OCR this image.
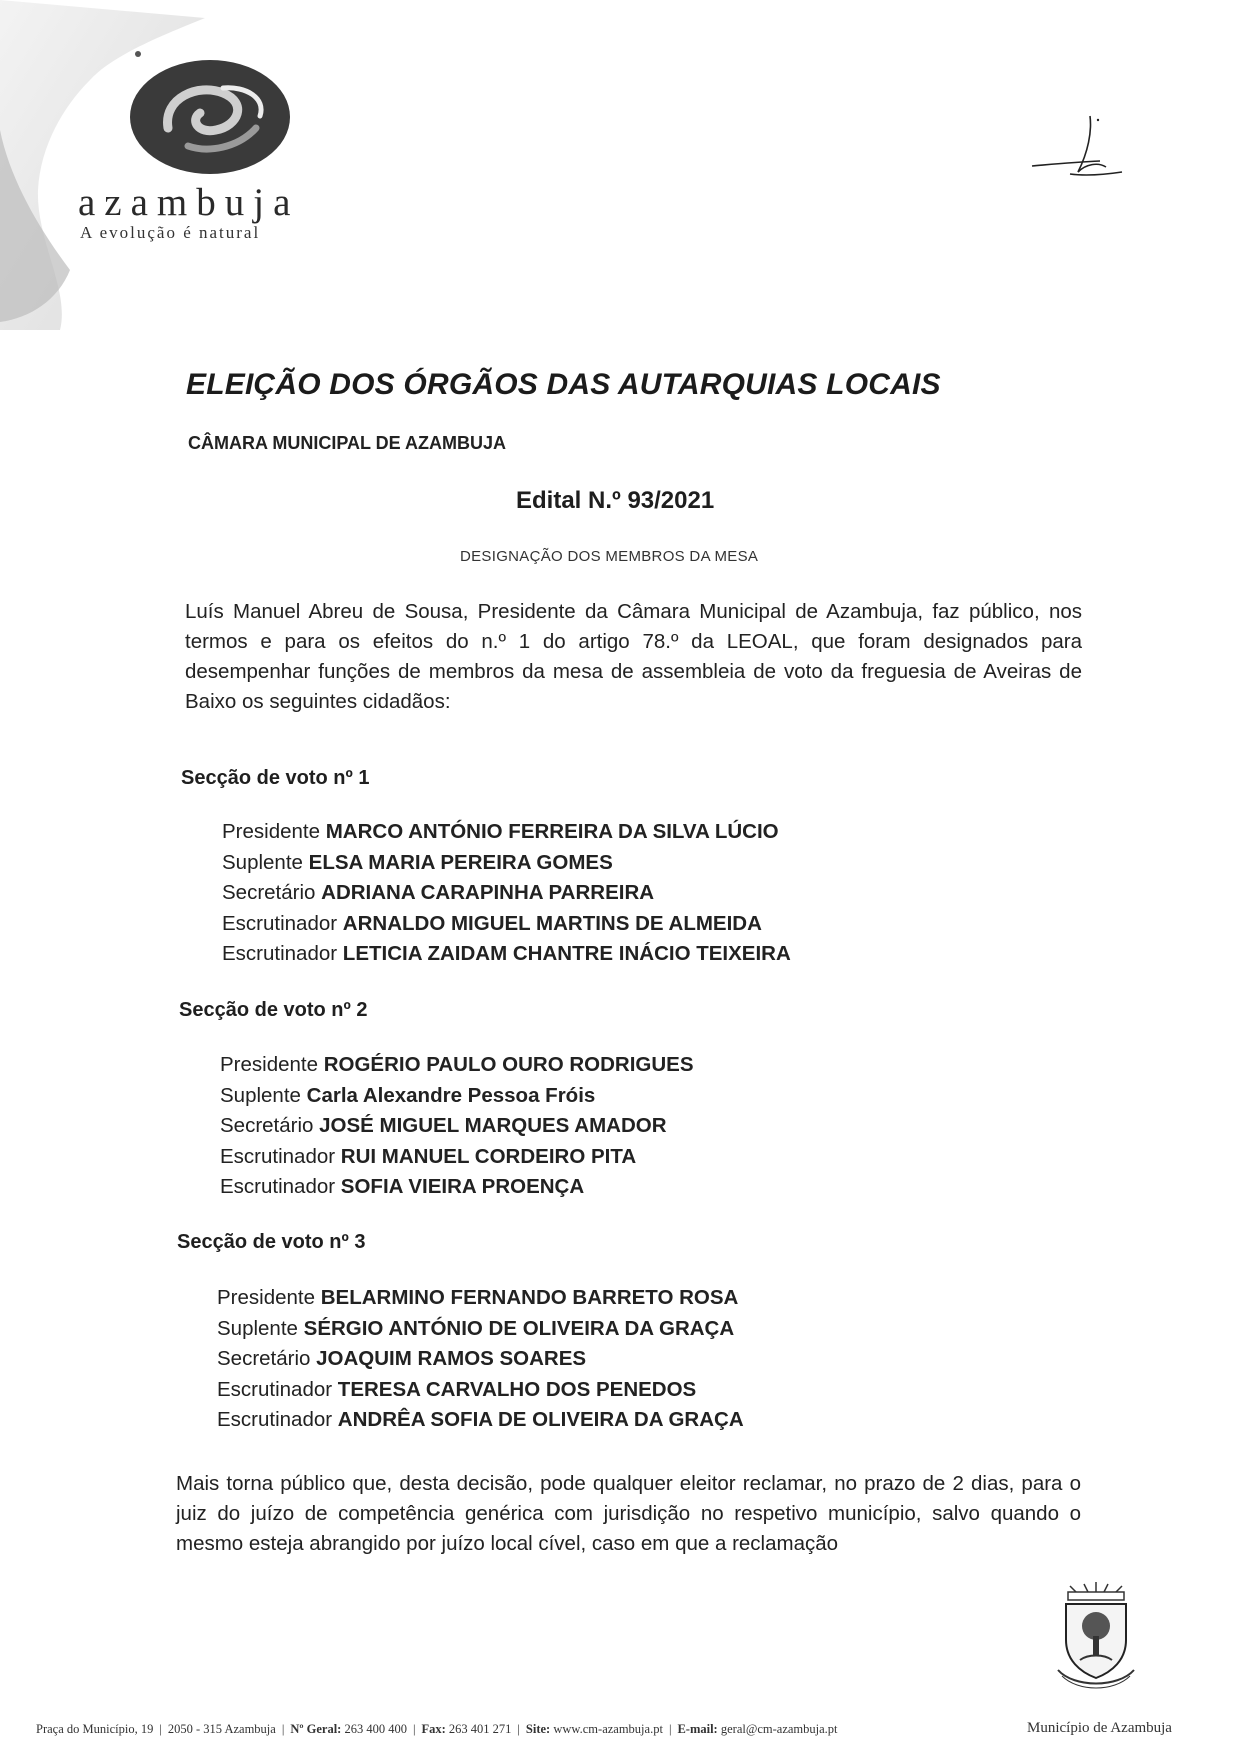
azambuja
A evolução é natural
ELEIÇÃO DOS ÓRGÃOS DAS AUTARQUIAS LOCAIS
CÂMARA MUNICIPAL DE AZAMBUJA
Edital N.º 93/2021
DESIGNAÇÃO DOS MEMBROS DA MESA
Luís Manuel Abreu de Sousa, Presidente da Câmara Municipal de Azambuja, faz público, nos termos e para os efeitos do n.º 1 do artigo 78.º da LEOAL, que foram designados para desempenhar funções de membros da mesa de assembleia de voto da freguesia de Aveiras de Baixo os seguintes cidadãos:
Secção de voto nº 1
Presidente MARCO ANTÓNIO FERREIRA DA SILVA LÚCIO
Suplente ELSA MARIA PEREIRA GOMES
Secretário ADRIANA CARAPINHA PARREIRA
Escrutinador ARNALDO MIGUEL MARTINS DE ALMEIDA
Escrutinador LETICIA ZAIDAM CHANTRE INÁCIO TEIXEIRA
Secção de voto nº 2
Presidente ROGÉRIO PAULO OURO RODRIGUES
Suplente Carla Alexandre Pessoa Fróis
Secretário JOSÉ MIGUEL MARQUES AMADOR
Escrutinador RUI MANUEL CORDEIRO PITA
Escrutinador SOFIA VIEIRA PROENÇA
Secção de voto nº 3
Presidente BELARMINO FERNANDO BARRETO ROSA
Suplente SÉRGIO ANTÓNIO DE OLIVEIRA DA GRAÇA
Secretário JOAQUIM RAMOS SOARES
Escrutinador TERESA CARVALHO DOS PENEDOS
Escrutinador ANDRÊA SOFIA DE OLIVEIRA DA GRAÇA
Mais torna público que, desta decisão, pode qualquer eleitor reclamar, no prazo de 2 dias, para o juiz do juízo de competência genérica com jurisdição no respetivo município, salvo quando o mesmo esteja abrangido por juízo local cível, caso em que a reclamação
Praça do Município, 19 | 2050 - 315 Azambuja | Nº Geral: 263 400 400 | Fax: 263 401 271 | Site: www.cm-azambuja.pt | E-mail: geral@cm-azambuja.pt	Município de Azambuja
